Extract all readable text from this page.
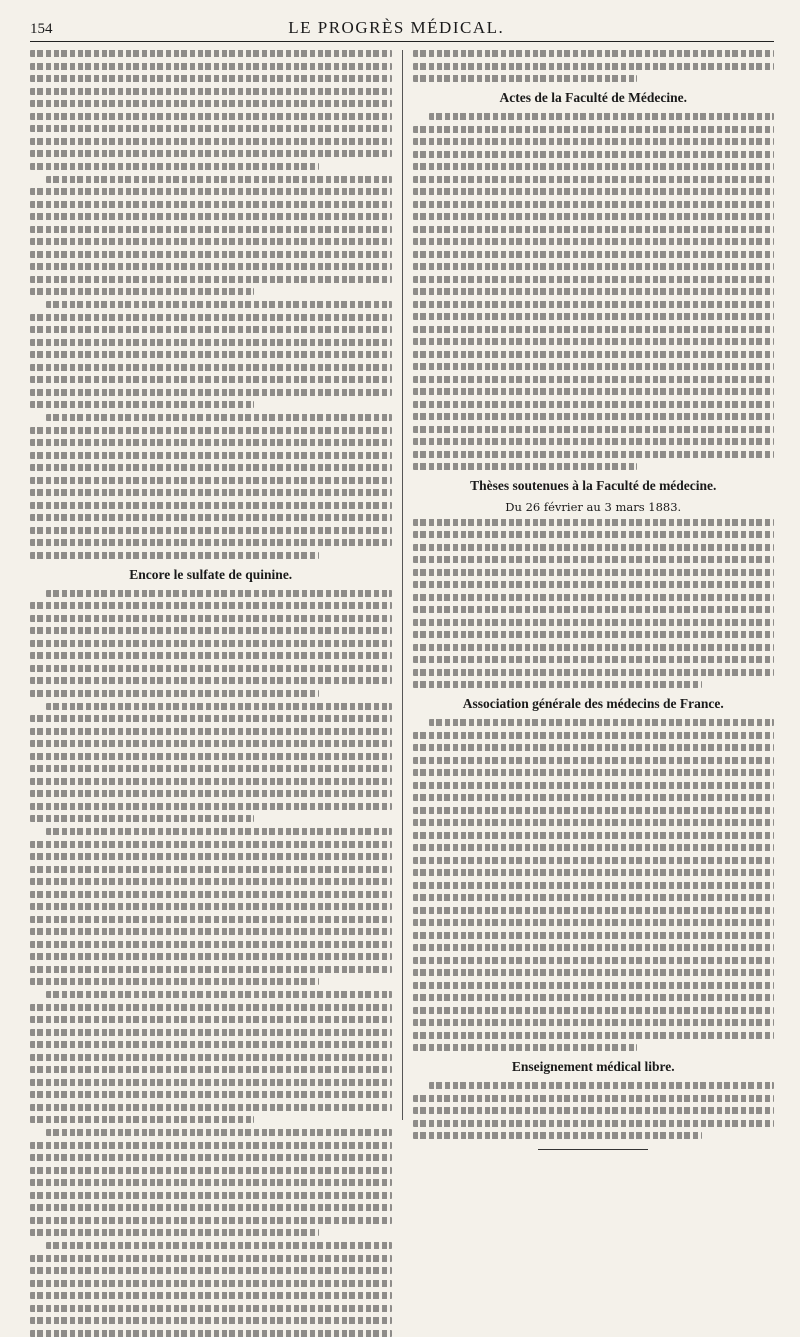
154	LE PROGRÈS MÉDICAL.
Encore le sulfate de quinine.
Actes de la Faculté de Médecine.
Thèses soutenues à la Faculté de médecine.
Du 26 février au 3 mars 1883.
Association générale des médecins de France.
Enseignement médical libre.
